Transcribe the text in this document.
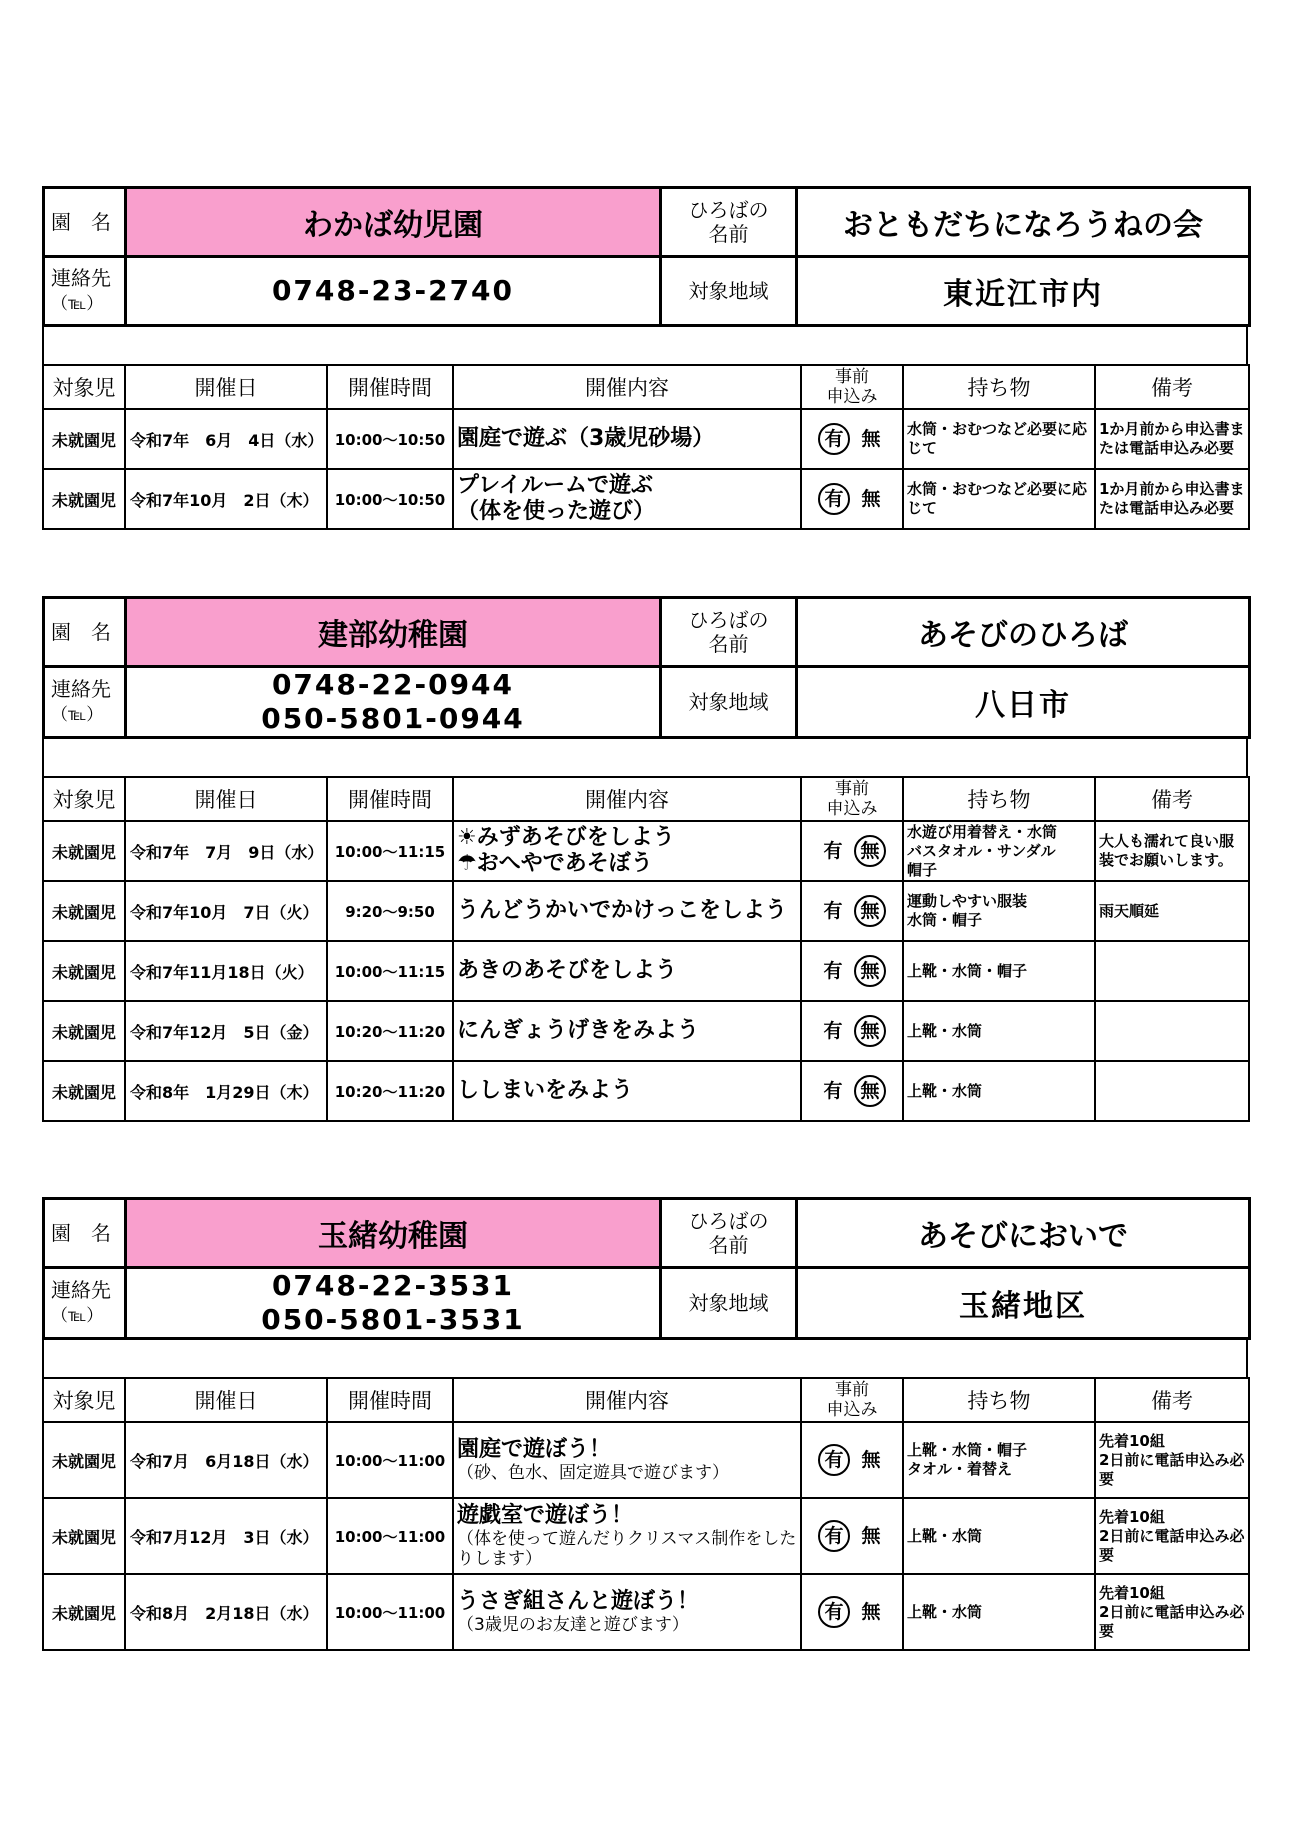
園　名	わかば幼児園	ひろばの
名前	おともだちになろうねの会
連絡先
（℡）	0748-23-2740	対象地域	東近江市内
対象児	開催日	開催時間	開催内容	事前
申込み	持ち物	備考
未就園児	令和7年　6月　4日（水）	10:00～10:50	園庭で遊ぶ（3歳児砂場）	有 無	水筒・おむつなど必要に応じて	1か月前から申込書または電話申込み必要
未就園児	令和7年10月　2日（木）	10:00～10:50	プレイルームで遊ぶ
（体を使った遊び）	有 無	水筒・おむつなど必要に応じて	1か月前から申込書または電話申込み必要
園　名	建部幼稚園	ひろばの
名前	あそびのひろば
連絡先
（℡）	0748-22-0944
050-5801-0944	対象地域	八日市
対象児	開催日	開催時間	開催内容	事前
申込み	持ち物	備考
未就園児	令和7年　7月　9日（水）	10:00～11:15	☀みずあそびをしよう
☂おへやであそぼう	有 無	水遊び用着替え・水筒
バスタオル・サンダル
帽子	大人も濡れて良い服装でお願いします。
未就園児	令和7年10月　7日（火）	9:20～9:50	うんどうかいでかけっこをしよう	有 無	運動しやすい服装
水筒・帽子	雨天順延
未就園児	令和7年11月18日（火）	10:00～11:15	あきのあそびをしよう	有 無	上靴・水筒・帽子	
未就園児	令和7年12月　5日（金）	10:20～11:20	にんぎょうげきをみよう	有 無	上靴・水筒	
未就園児	令和8年　1月29日（木）	10:20～11:20	ししまいをみよう	有 無	上靴・水筒	
園　名	玉緒幼稚園	ひろばの
名前	あそびにおいで
連絡先
（℡）	0748-22-3531
050-5801-3531	対象地域	玉緒地区
対象児	開催日	開催時間	開催内容	事前
申込み	持ち物	備考
未就園児	令和7月　6月18日（水）	10:00～11:00	園庭で遊ぼう！
（砂、色水、固定遊具で遊びます）	有 無	上靴・水筒・帽子
タオル・着替え	先着10組
2日前に電話申込み必要
未就園児	令和7月12月　3日（水）	10:00～11:00	遊戯室で遊ぼう！
（体を使って遊んだりクリスマス制作をしたりします）	有 無	上靴・水筒	先着10組
2日前に電話申込み必要
未就園児	令和8月　2月18日（水）	10:00～11:00	うさぎ組さんと遊ぼう！
（3歳児のお友達と遊びます）	有 無	上靴・水筒	先着10組
2日前に電話申込み必要
